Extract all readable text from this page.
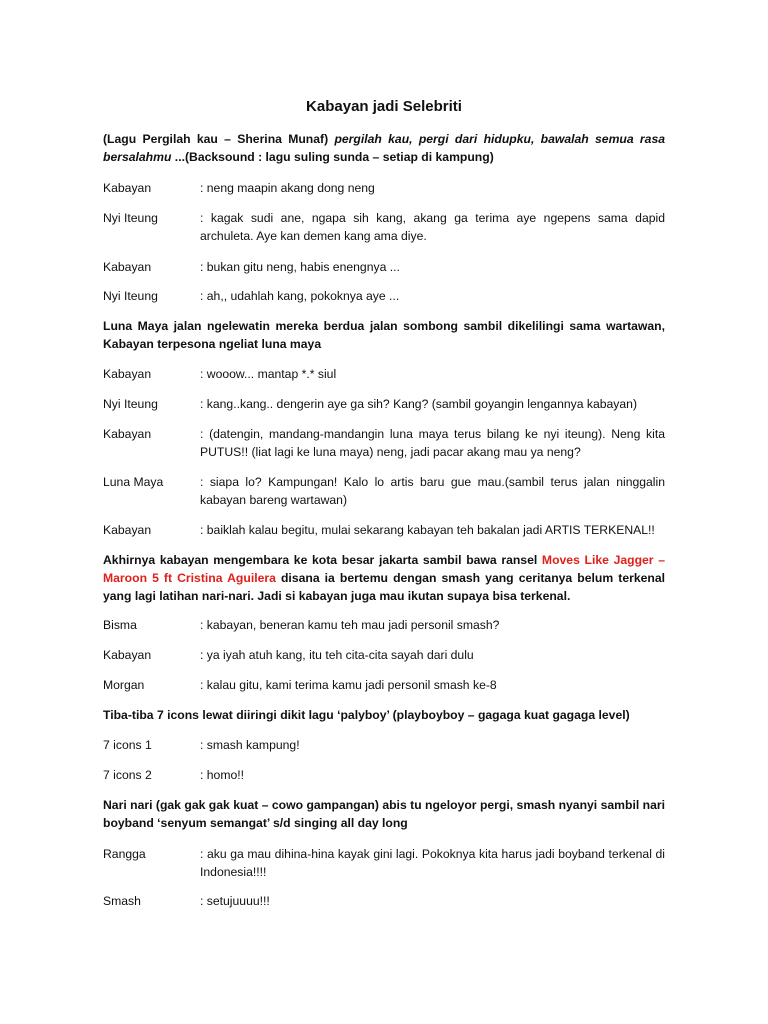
Kabayan jadi Selebriti
(Lagu Pergilah kau – Sherina Munaf) pergilah kau, pergi dari hidupku, bawalah semua rasa bersalahmu ...(Backsound : lagu suling sunda – setiap di kampung)
Kabayan	: neng maapin akang dong neng
Nyi Iteung	: kagak sudi ane, ngapa sih kang, akang ga terima aye ngepens sama dapid archuleta. Aye kan demen kang ama diye.
Kabayan	: bukan gitu neng, habis enengnya ...
Nyi Iteung	: ah,, udahlah kang, pokoknya aye ...
Luna Maya jalan ngelewatin mereka berdua jalan sombong sambil dikelilingi sama wartawan, Kabayan terpesona ngeliat luna maya
Kabayan	: wooow... mantap *.* siul
Nyi Iteung	: kang..kang.. dengerin aye ga sih? Kang? (sambil goyangin lengannya kabayan)
Kabayan	: (datengin, mandang-mandangin luna maya terus bilang ke nyi iteung). Neng kita PUTUS!! (liat lagi ke luna maya) neng, jadi pacar akang mau ya neng?
Luna Maya	: siapa lo? Kampungan! Kalo lo artis baru gue mau.(sambil terus jalan ninggalin kabayan bareng wartawan)
Kabayan	: baiklah kalau begitu, mulai sekarang kabayan teh bakalan jadi ARTIS TERKENAL!!
Akhirnya kabayan mengembara ke kota besar jakarta sambil bawa ransel Moves Like Jagger – Maroon 5 ft Cristina Aguilera disana ia bertemu dengan smash yang ceritanya belum terkenal yang lagi latihan nari-nari. Jadi si kabayan juga mau ikutan supaya bisa terkenal.
Bisma	: kabayan, beneran kamu teh mau jadi personil smash?
Kabayan	: ya iyah atuh kang, itu teh cita-cita sayah dari dulu
Morgan	: kalau gitu, kami terima kamu jadi personil smash ke-8
Tiba-tiba 7 icons lewat diiringi dikit lagu ‘palyboy’ (playboyboy – gagaga kuat gagaga level)
7 icons 1	: smash kampung!
7 icons 2	: homo!!
Nari nari (gak gak gak kuat – cowo gampangan) abis tu ngeloyor pergi, smash nyanyi sambil nari boyband ‘senyum semangat’ s/d singing all day long
Rangga	: aku ga mau dihina-hina kayak gini lagi. Pokoknya kita harus jadi boyband terkenal di Indonesia!!!!
Smash	: setujuuuu!!!
